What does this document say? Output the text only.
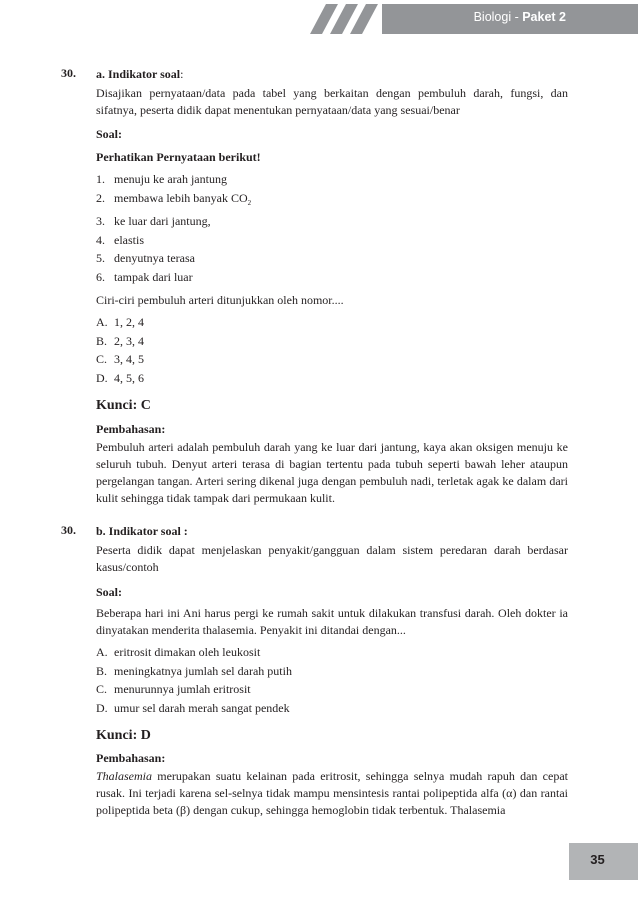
Biologi - Paket 2
30. a. Indikator soal:
Disajikan pernyataan/data pada tabel yang berkaitan dengan pembuluh darah, fungsi, dan sifatnya, peserta didik dapat menentukan pernyataan/data yang sesuai/benar
Soal:
Perhatikan Pernyataan berikut!
1. menuju ke arah jantung
2. membawa lebih banyak $CO_2$
3. ke luar dari jantung,
4. elastis
5. denyutnya terasa
6. tampak dari luar
Ciri-ciri pembuluh arteri ditunjukkan oleh nomor....
A. 1, 2, 4
B. 2, 3, 4
C. 3, 4, 5
D. 4, 5, 6
Kunci: C
Pembahasan:
Pembuluh arteri adalah pembuluh darah yang ke luar dari jantung, kaya akan oksigen menuju ke seluruh tubuh. Denyut arteri terasa di bagian tertentu pada tubuh seperti bawah leher ataupun pergelangan tangan. Arteri sering dikenal juga dengan pembuluh nadi, terletak agak ke dalam dari kulit sehingga tidak tampak dari permukaan kulit.
30. b. Indikator soal :
Peserta didik dapat menjelaskan penyakit/gangguan dalam sistem peredaran darah berdasar kasus/contoh
Soal:
Beberapa hari ini Ani harus pergi ke rumah sakit untuk dilakukan transfusi darah. Oleh dokter ia dinyatakan menderita thalasemia. Penyakit ini ditandai dengan...
A. eritrosit dimakan oleh leukosit
B. meningkatnya jumlah sel darah putih
C. menurunnya jumlah eritrosit
D. umur sel darah merah sangat pendek
Kunci: D
Pembahasan:
Thalasemia merupakan suatu kelainan pada eritrosit, sehingga selnya mudah rapuh dan cepat rusak. Ini terjadi karena sel-selnya tidak mampu mensintesis rantai polipeptida alfa (α) dan rantai polipeptida beta (β) dengan cukup, sehingga hemoglobin tidak terbentuk. Thalasemia
35
